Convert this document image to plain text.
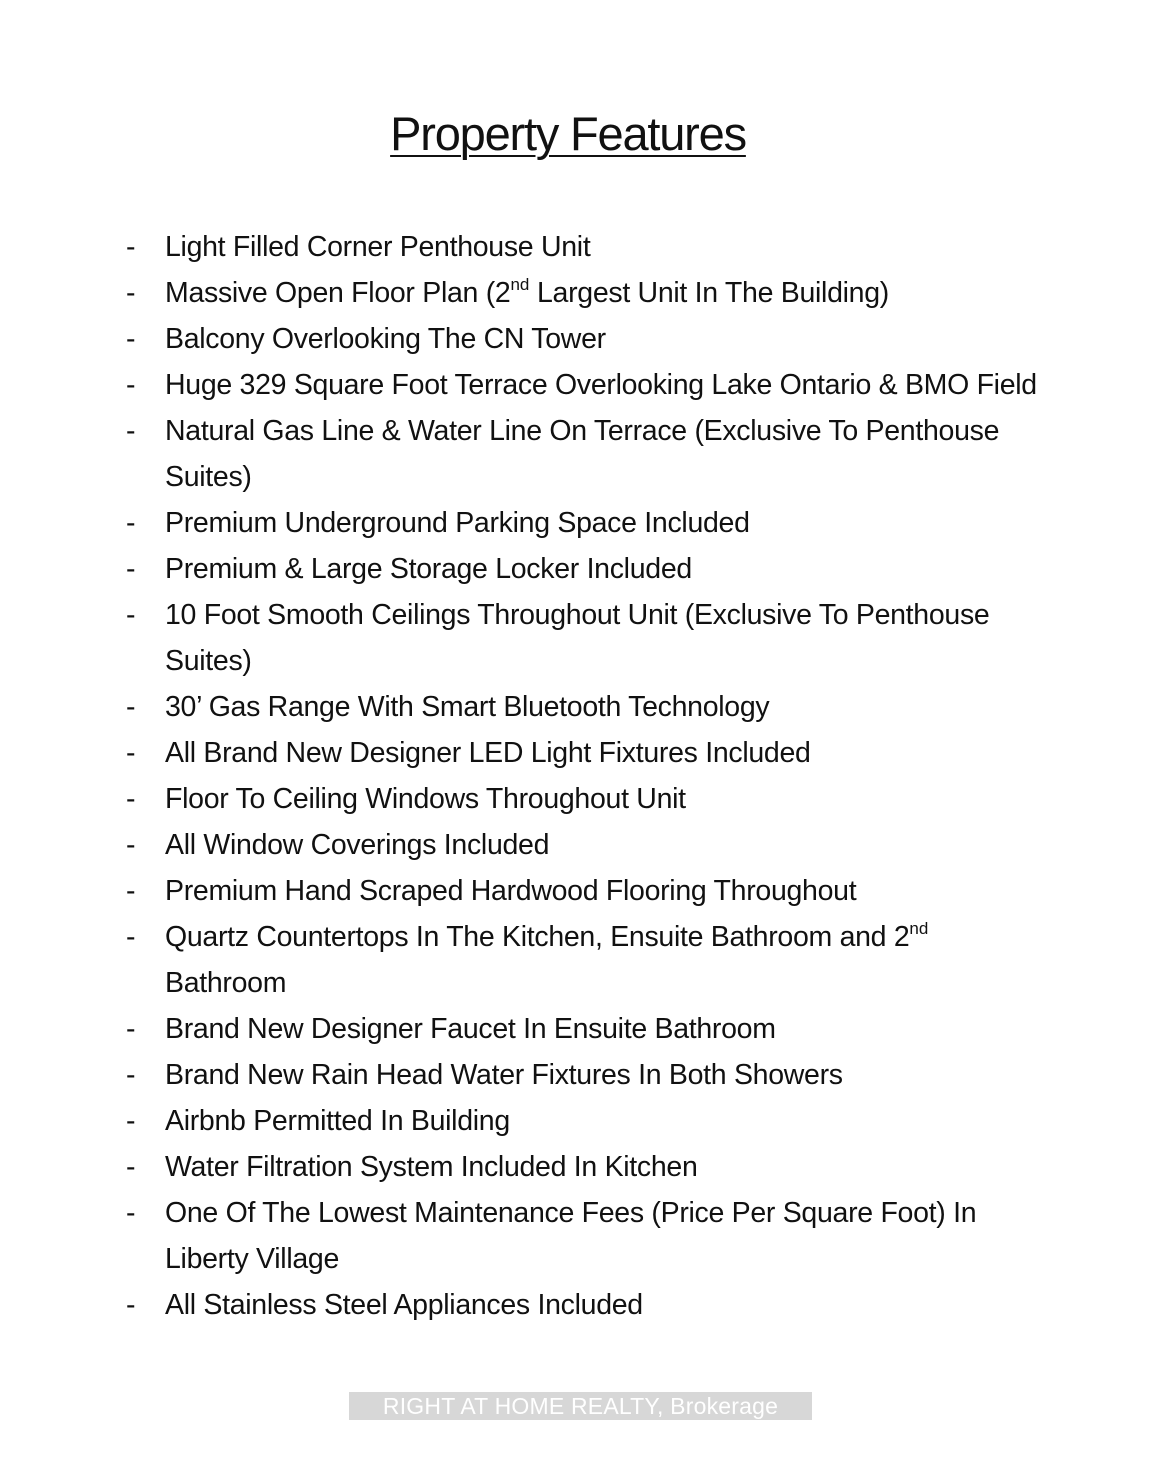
Property Features
- Light Filled Corner Penthouse Unit
- Massive Open Floor Plan (2nd Largest Unit In The Building)
- Balcony Overlooking The CN Tower
- Huge 329 Square Foot Terrace Overlooking Lake Ontario & BMO Field
- Natural Gas Line & Water Line On Terrace (Exclusive To Penthouse Suites)
- Premium Underground Parking Space Included
- Premium & Large Storage Locker Included
- 10 Foot Smooth Ceilings Throughout Unit (Exclusive To Penthouse Suites)
- 30’ Gas Range With Smart Bluetooth Technology
- All Brand New Designer LED Light Fixtures Included
- Floor To Ceiling Windows Throughout Unit
- All Window Coverings Included
- Premium Hand Scraped Hardwood Flooring Throughout
- Quartz Countertops In The Kitchen, Ensuite Bathroom and 2nd Bathroom
- Brand New Designer Faucet In Ensuite Bathroom
- Brand New Rain Head Water Fixtures In Both Showers
- Airbnb Permitted In Building
- Water Filtration System Included In Kitchen
- One Of The Lowest Maintenance Fees (Price Per Square Foot) In Liberty Village
- All Stainless Steel Appliances Included
RIGHT AT HOME REALTY, Brokerage
